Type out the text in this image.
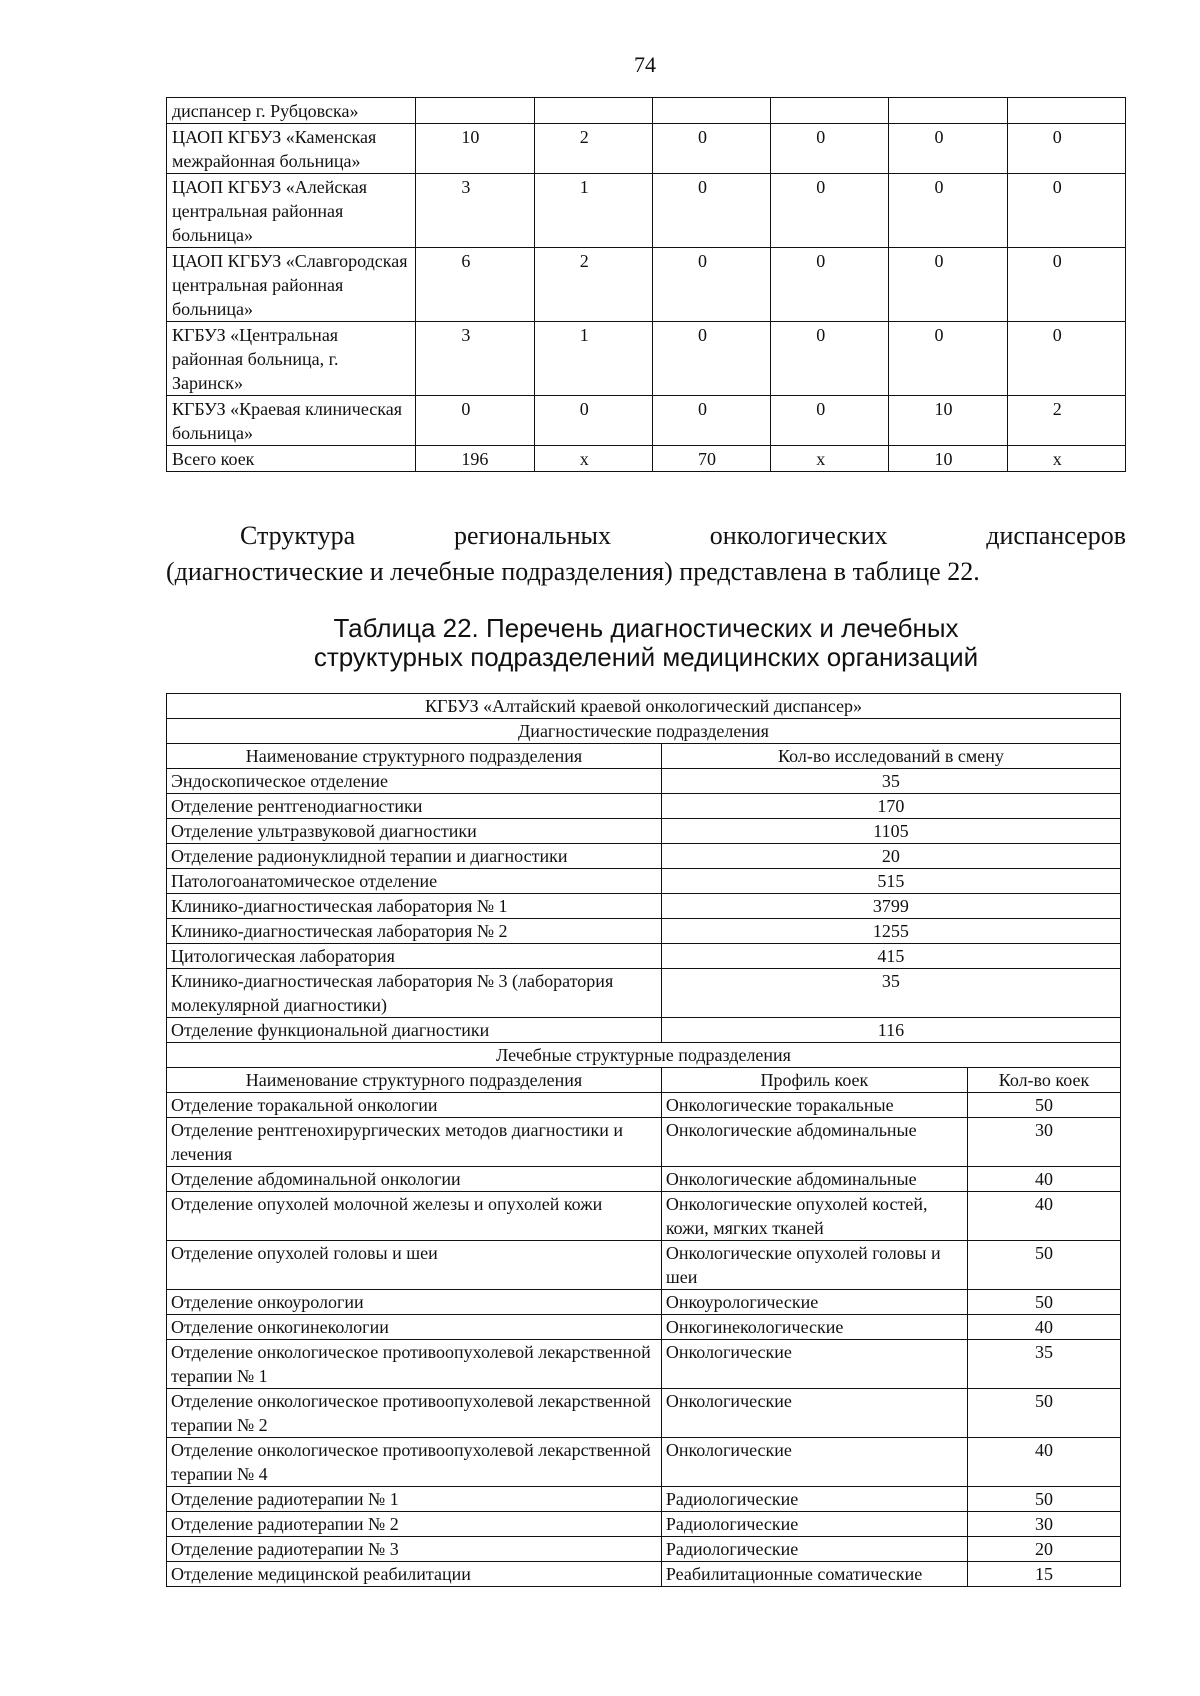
74
диспансер г. Рубцовска»						
ЦАОП КГБУЗ «Каменская межрайонная больница»	10	2	0	0	0	0
ЦАОП КГБУЗ «Алейская центральная районная больница»	3	1	0	0	0	0
ЦАОП КГБУЗ «Славгородская центральная районная больница»	6	2	0	0	0	0
КГБУЗ «Центральная районная больница, г. Заринск»	3	1	0	0	0	0
КГБУЗ «Краевая клиническая больница»	0	0	0	0	10	2
Всего коек	196	x	70	x	10	x
Структура	региональных	онкологических	диспансеров
(диагностические и лечебные подразделения) представлена в таблице 22.
Таблица 22. Перечень диагностических и лечебных
структурных подразделений медицинских организаций
КГБУЗ «Алтайский краевой онкологический диспансер»		
Диагностические подразделения		
Наименование структурного подразделения	Кол-во исследований в смену	
Эндоскопическое отделение	35	
Отделение рентгенодиагностики	170	
Отделение ультразвуковой диагностики	1105	
Отделение радионуклидной терапии и диагностики	20	
Патологоанатомическое отделение	515	
Клинико-диагностическая лаборатория № 1	3799	
Клинико-диагностическая лаборатория № 2	1255	
Цитологическая лаборатория	415	
Клинико-диагностическая лаборатория № 3 (лаборатория молекулярной диагностики)	35	
Отделение функциональной диагностики	116	
Лечебные структурные подразделения		
Наименование структурного подразделения	Профиль коек	Кол-во коек
Отделение торакальной онкологии	Онкологические торакальные	50
Отделение рентгенохирургических методов диагностики и лечения	Онкологические абдоминальные	30
Отделение абдоминальной онкологии	Онкологические абдоминальные	40
Отделение опухолей молочной железы и опухолей кожи	Онкологические опухолей костей, кожи, мягких тканей	40
Отделение опухолей головы и шеи	Онкологические опухолей головы и шеи	50
Отделение онкоурологии	Онкоурологические	50
Отделение онкогинекологии	Онкогинекологические	40
Отделение онкологическое противоопухолевой лекарственной терапии № 1	Онкологические	35
Отделение онкологическое противоопухолевой лекарственной терапии № 2	Онкологические	50
Отделение онкологическое противоопухолевой лекарственной терапии № 4	Онкологические	40
Отделение радиотерапии № 1	Радиологические	50
Отделение радиотерапии № 2	Радиологические	30
Отделение радиотерапии № 3	Радиологические	20
Отделение медицинской реабилитации	Реабилитационные соматические	15
